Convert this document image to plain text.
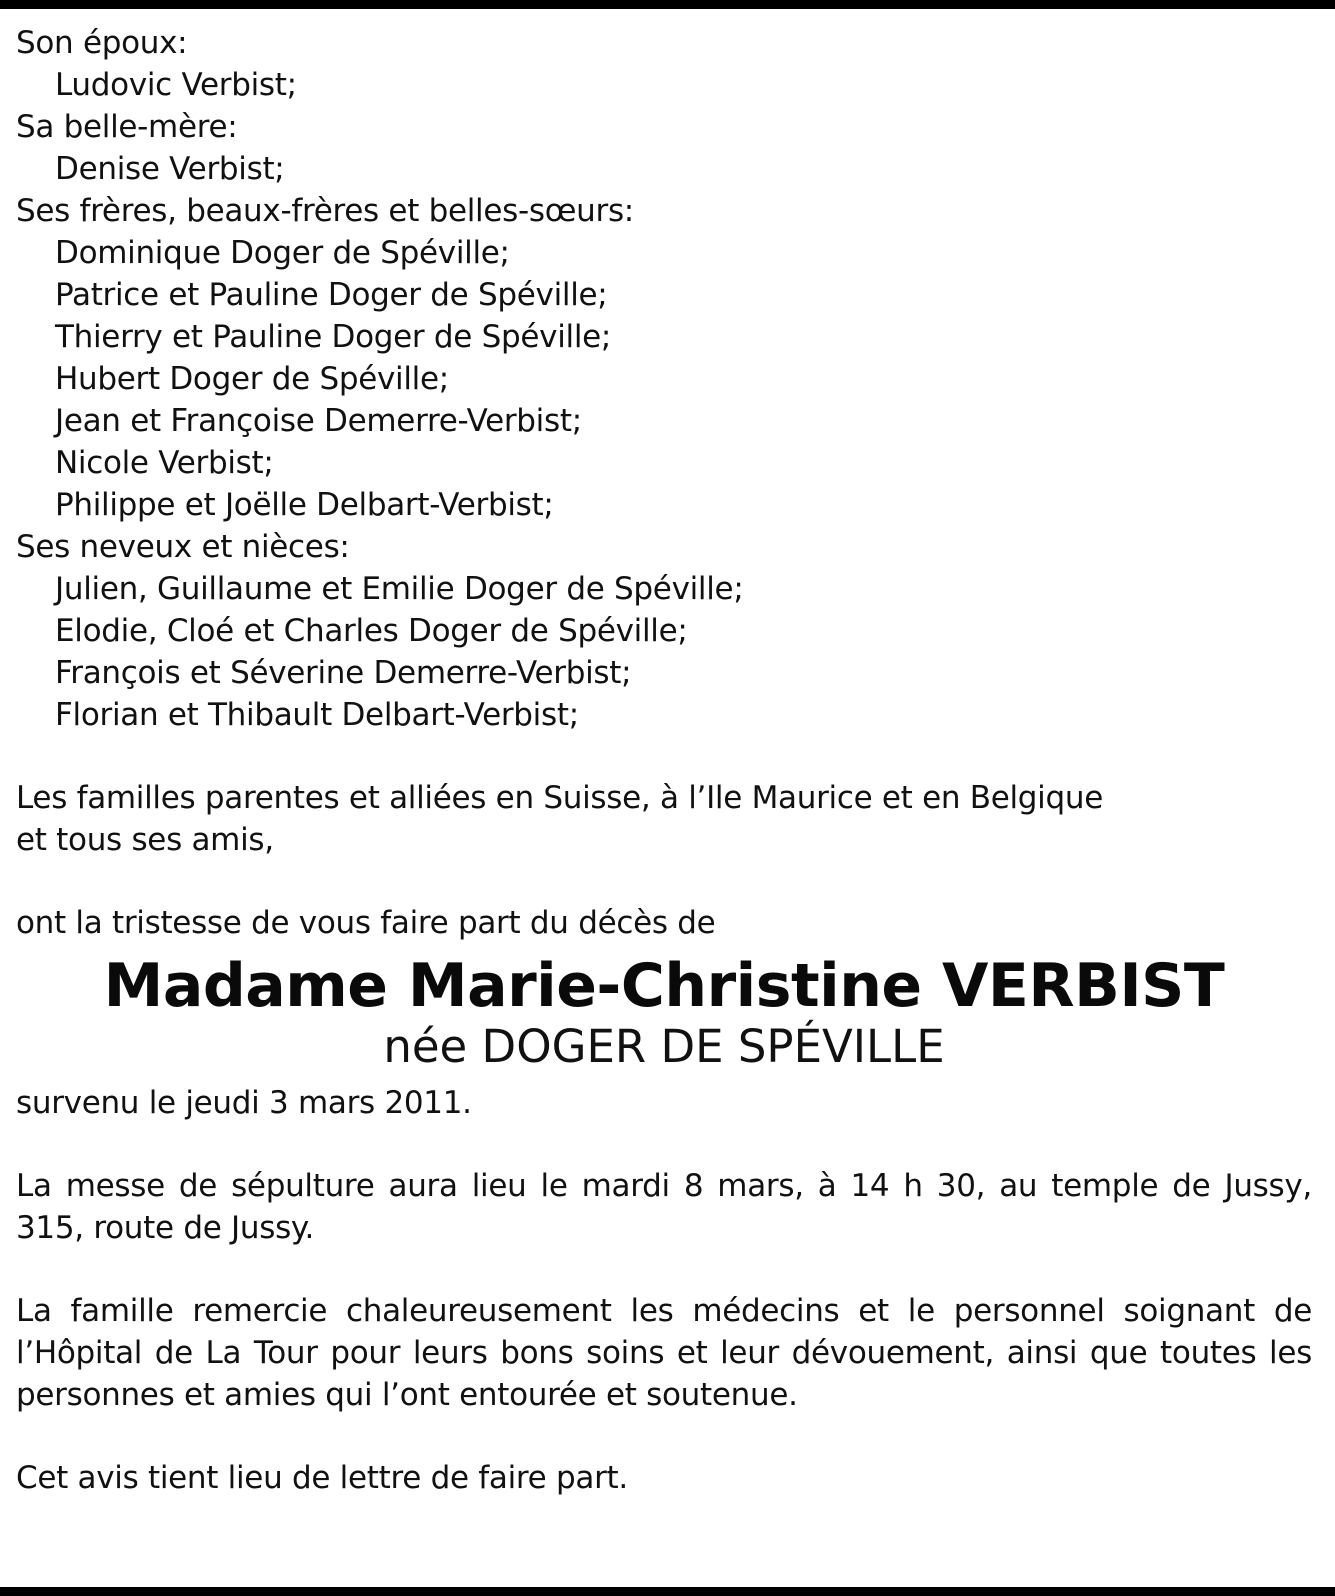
Son époux:
Ludovic Verbist;
Sa belle-mère:
Denise Verbist;
Ses frères, beaux-frères et belles-sœurs:
Dominique Doger de Spéville;
Patrice et Pauline Doger de Spéville;
Thierry et Pauline Doger de Spéville;
Hubert Doger de Spéville;
Jean et Françoise Demerre-Verbist;
Nicole Verbist;
Philippe et Joëlle Delbart-Verbist;
Ses neveux et nièces:
Julien, Guillaume et Emilie Doger de Spéville;
Elodie, Cloé et Charles Doger de Spéville;
François et Séverine Demerre-Verbist;
Florian et Thibault Delbart-Verbist;
Les familles parentes et alliées en Suisse, à l’Ile Maurice et en Belgique
et tous ses amis,
ont la tristesse de vous faire part du décès de
Madame Marie-Christine VERBIST
née DOGER DE SPÉVILLE
survenu le jeudi 3 mars 2011.
La messe de sépulture aura lieu le mardi 8 mars, à 14 h 30, au temple de Jussy,
315, route de Jussy.
La famille remercie chaleureusement les médecins et le personnel soignant de
l’Hôpital de La Tour pour leurs bons soins et leur dévouement, ainsi que toutes les
personnes et amies qui l’ont entourée et soutenue.
Cet avis tient lieu de lettre de faire part.
